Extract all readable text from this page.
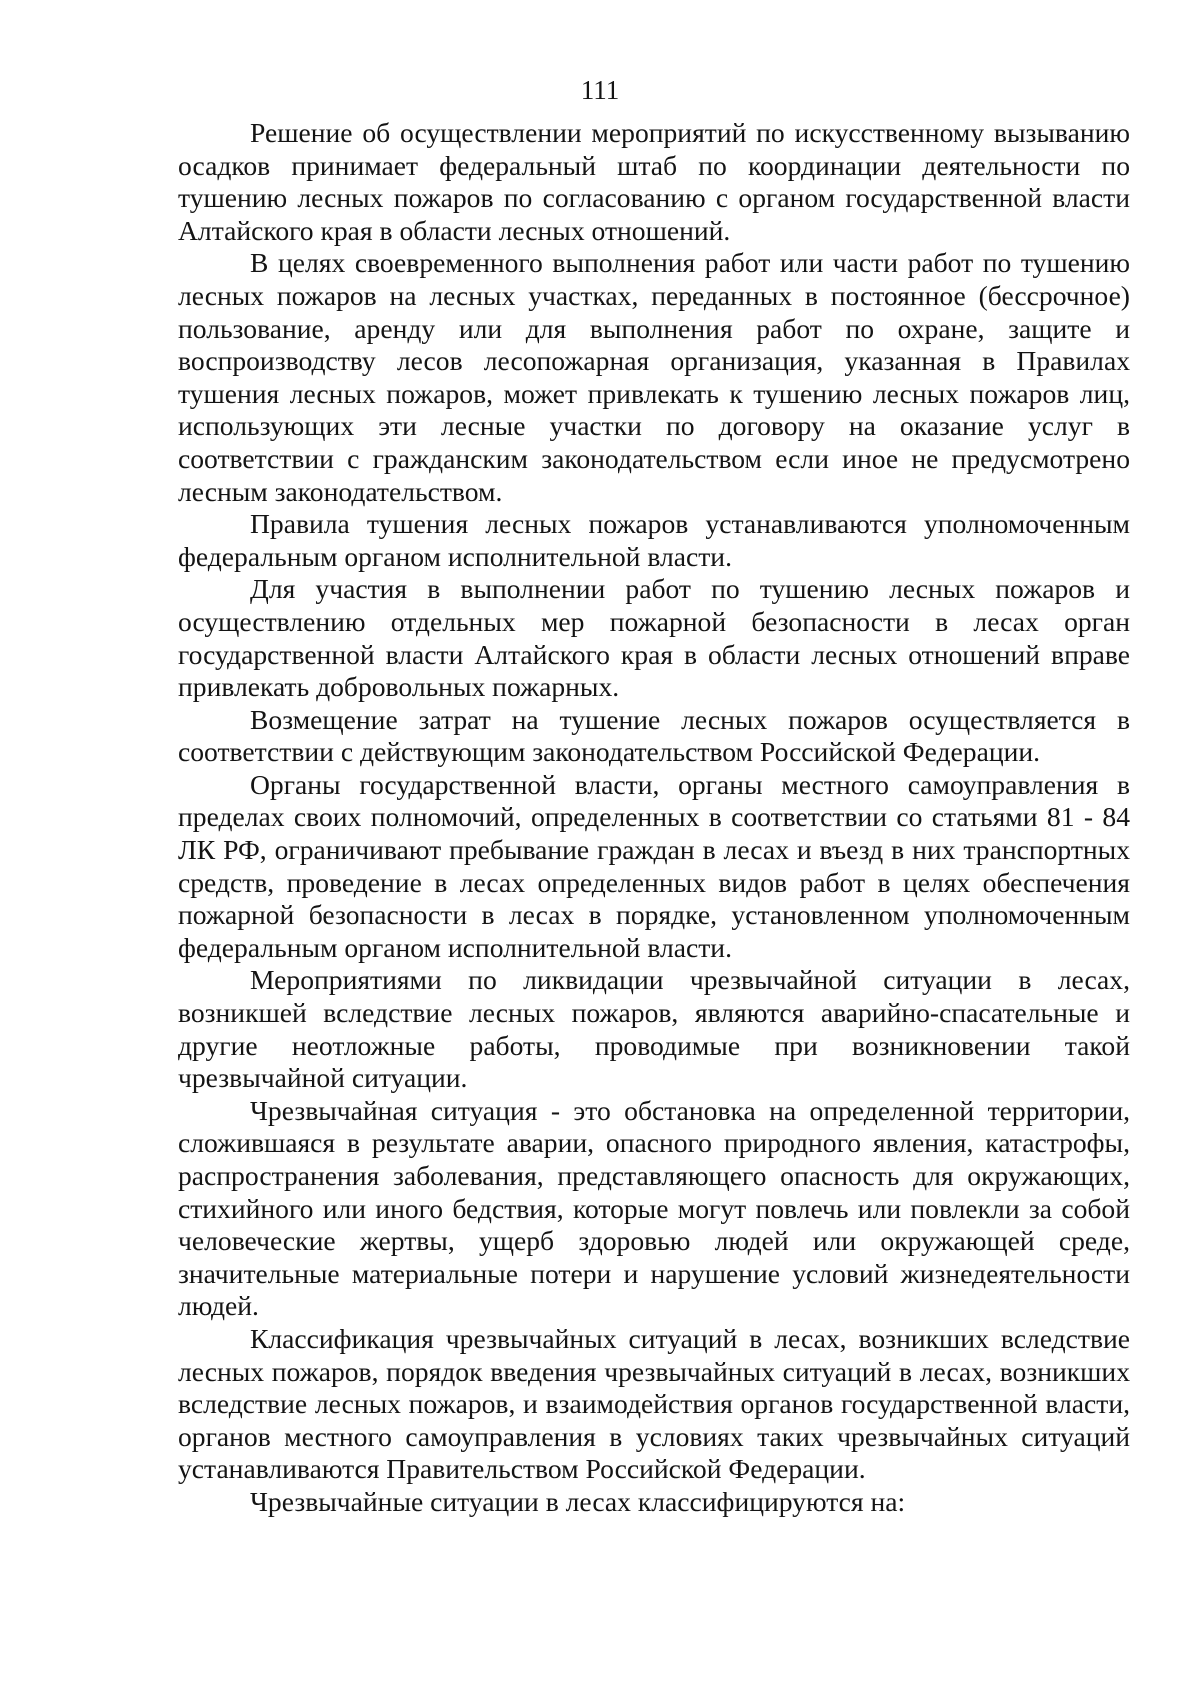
111

Решение об осуществлении мероприятий по искусственному вызыванию осадков принимает федеральный штаб по координации деятельности по тушению лесных пожаров по согласованию с органом государственной власти Алтайского края в области лесных отношений.

В целях своевременного выполнения работ или части работ по тушению лесных пожаров на лесных участках, переданных в постоянное (бессрочное) пользование, аренду или для выполнения работ по охране, защите и воспроизводству лесов лесопожарная организация, указанная в Правилах тушения лесных пожаров, может привлекать к тушению лесных пожаров лиц, использующих эти лесные участки по договору на оказание услуг в соответствии с гражданским законодательством если иное не предусмотрено лесным законодательством.

Правила тушения лесных пожаров устанавливаются уполномоченным федеральным органом исполнительной власти.

Для участия в выполнении работ по тушению лесных пожаров и осуществлению отдельных мер пожарной безопасности в лесах орган государственной власти Алтайского края в области лесных отношений вправе привлекать добровольных пожарных.

Возмещение затрат на тушение лесных пожаров осуществляется в соответствии с действующим законодательством Российской Федерации.

Органы государственной власти, органы местного самоуправления в пределах своих полномочий, определенных в соответствии со статьями 81 - 84 ЛК РФ, ограничивают пребывание граждан в лесах и въезд в них транспортных средств, проведение в лесах определенных видов работ в целях обеспечения пожарной безопасности в лесах в порядке, установленном уполномоченным федеральным органом исполнительной власти.

Мероприятиями по ликвидации чрезвычайной ситуации в лесах, возникшей вследствие лесных пожаров, являются аварийно-спасательные и другие неотложные работы, проводимые при возникновении такой чрезвычайной ситуации.

Чрезвычайная ситуация - это обстановка на определенной территории, сложившаяся в результате аварии, опасного природного явления, катастрофы, распространения заболевания, представляющего опасность для окружающих, стихийного или иного бедствия, которые могут повлечь или повлекли за собой человеческие жертвы, ущерб здоровью людей или окружающей среде, значительные материальные потери и нарушение условий жизнедеятельности людей.

Классификация чрезвычайных ситуаций в лесах, возникших вследствие лесных пожаров, порядок введения чрезвычайных ситуаций в лесах, возникших вследствие лесных пожаров, и взаимодействия органов государственной власти, органов местного самоуправления в условиях таких чрезвычайных ситуаций устанавливаются Правительством Российской Федерации.

Чрезвычайные ситуации в лесах классифицируются на:
